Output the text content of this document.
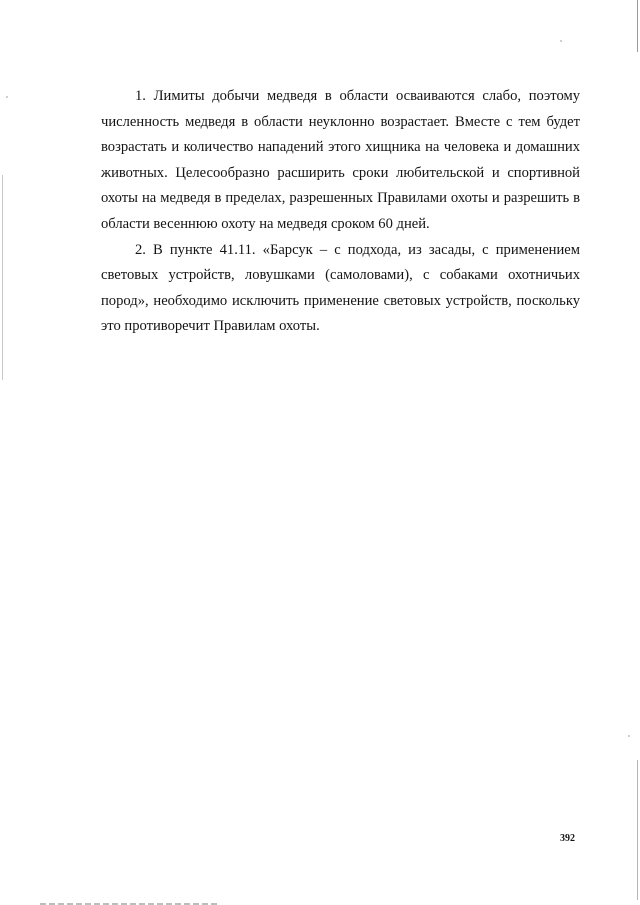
1. Лимиты добычи медведя в области осваиваются слабо, поэтому численность медведя в области неуклонно возрастает. Вместе с тем будет возрастать и количество нападений этого хищника на человека и домашних животных. Целесообразно расширить сроки любительской и спортивной охоты на медведя в пределах, разрешенных Правилами охоты и разрешить в области весеннюю охоту на медведя сроком 60 дней.

2. В пункте 41.11. «Барсук – с подхода, из засады, с применением световых устройств, ловушками (самоловами), с собаками охотничьих пород», необходимо исключить применение световых устройств, поскольку это противоречит Правилам охоты.

392
